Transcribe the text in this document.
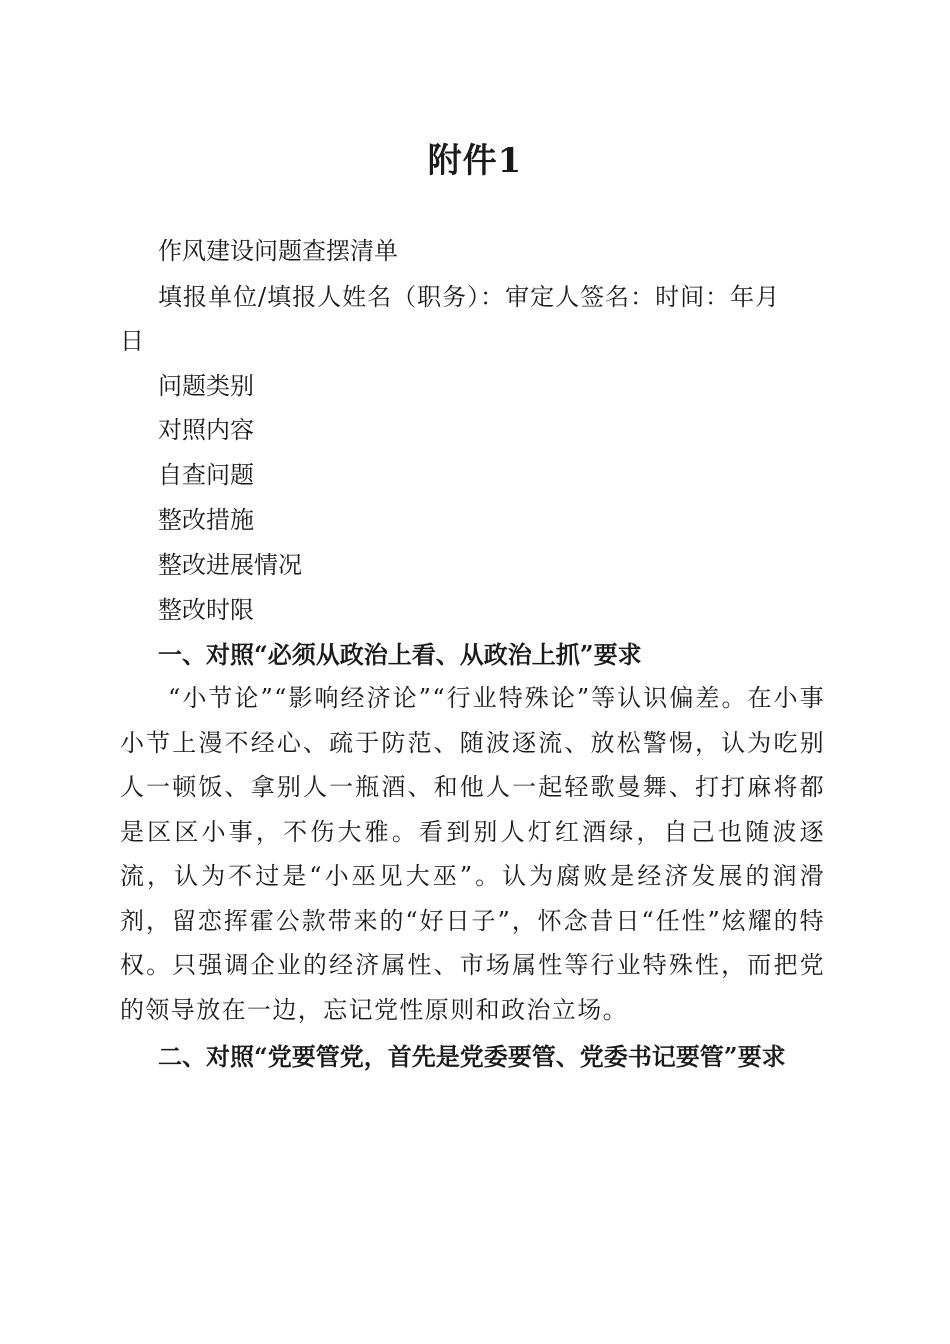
附件1
作风建设问题查摆清单
填报单位/填报人姓名（职务）：审定人签名：时间：年月
日
问题类别
对照内容
自查问题
整改措施
整改进展情况
整改时限
一、对照“必须从政治上看、从政治上抓”要求
“小节论”“影响经济论”“行业特殊论”等认识偏差。在小事小节上漫不经心、疏于防范、随波逐流、放松警惕，认为吃别人一顿饭、拿别人一瓶酒、和他人一起轻歌曼舞、打打麻将都是区区小事，不伤大雅。看到别人灯红酒绿，自己也随波逐流，认为不过是“小巫见大巫”。认为腐败是经济发展的润滑剂，留恋挥霍公款带来的“好日子”，怀念昔日“任性”炫耀的特权。只强调企业的经济属性、市场属性等行业特殊性，而把党的领导放在一边，忘记党性原则和政治立场。
二、对照“党要管党，首先是党委要管、党委书记要管”要求
